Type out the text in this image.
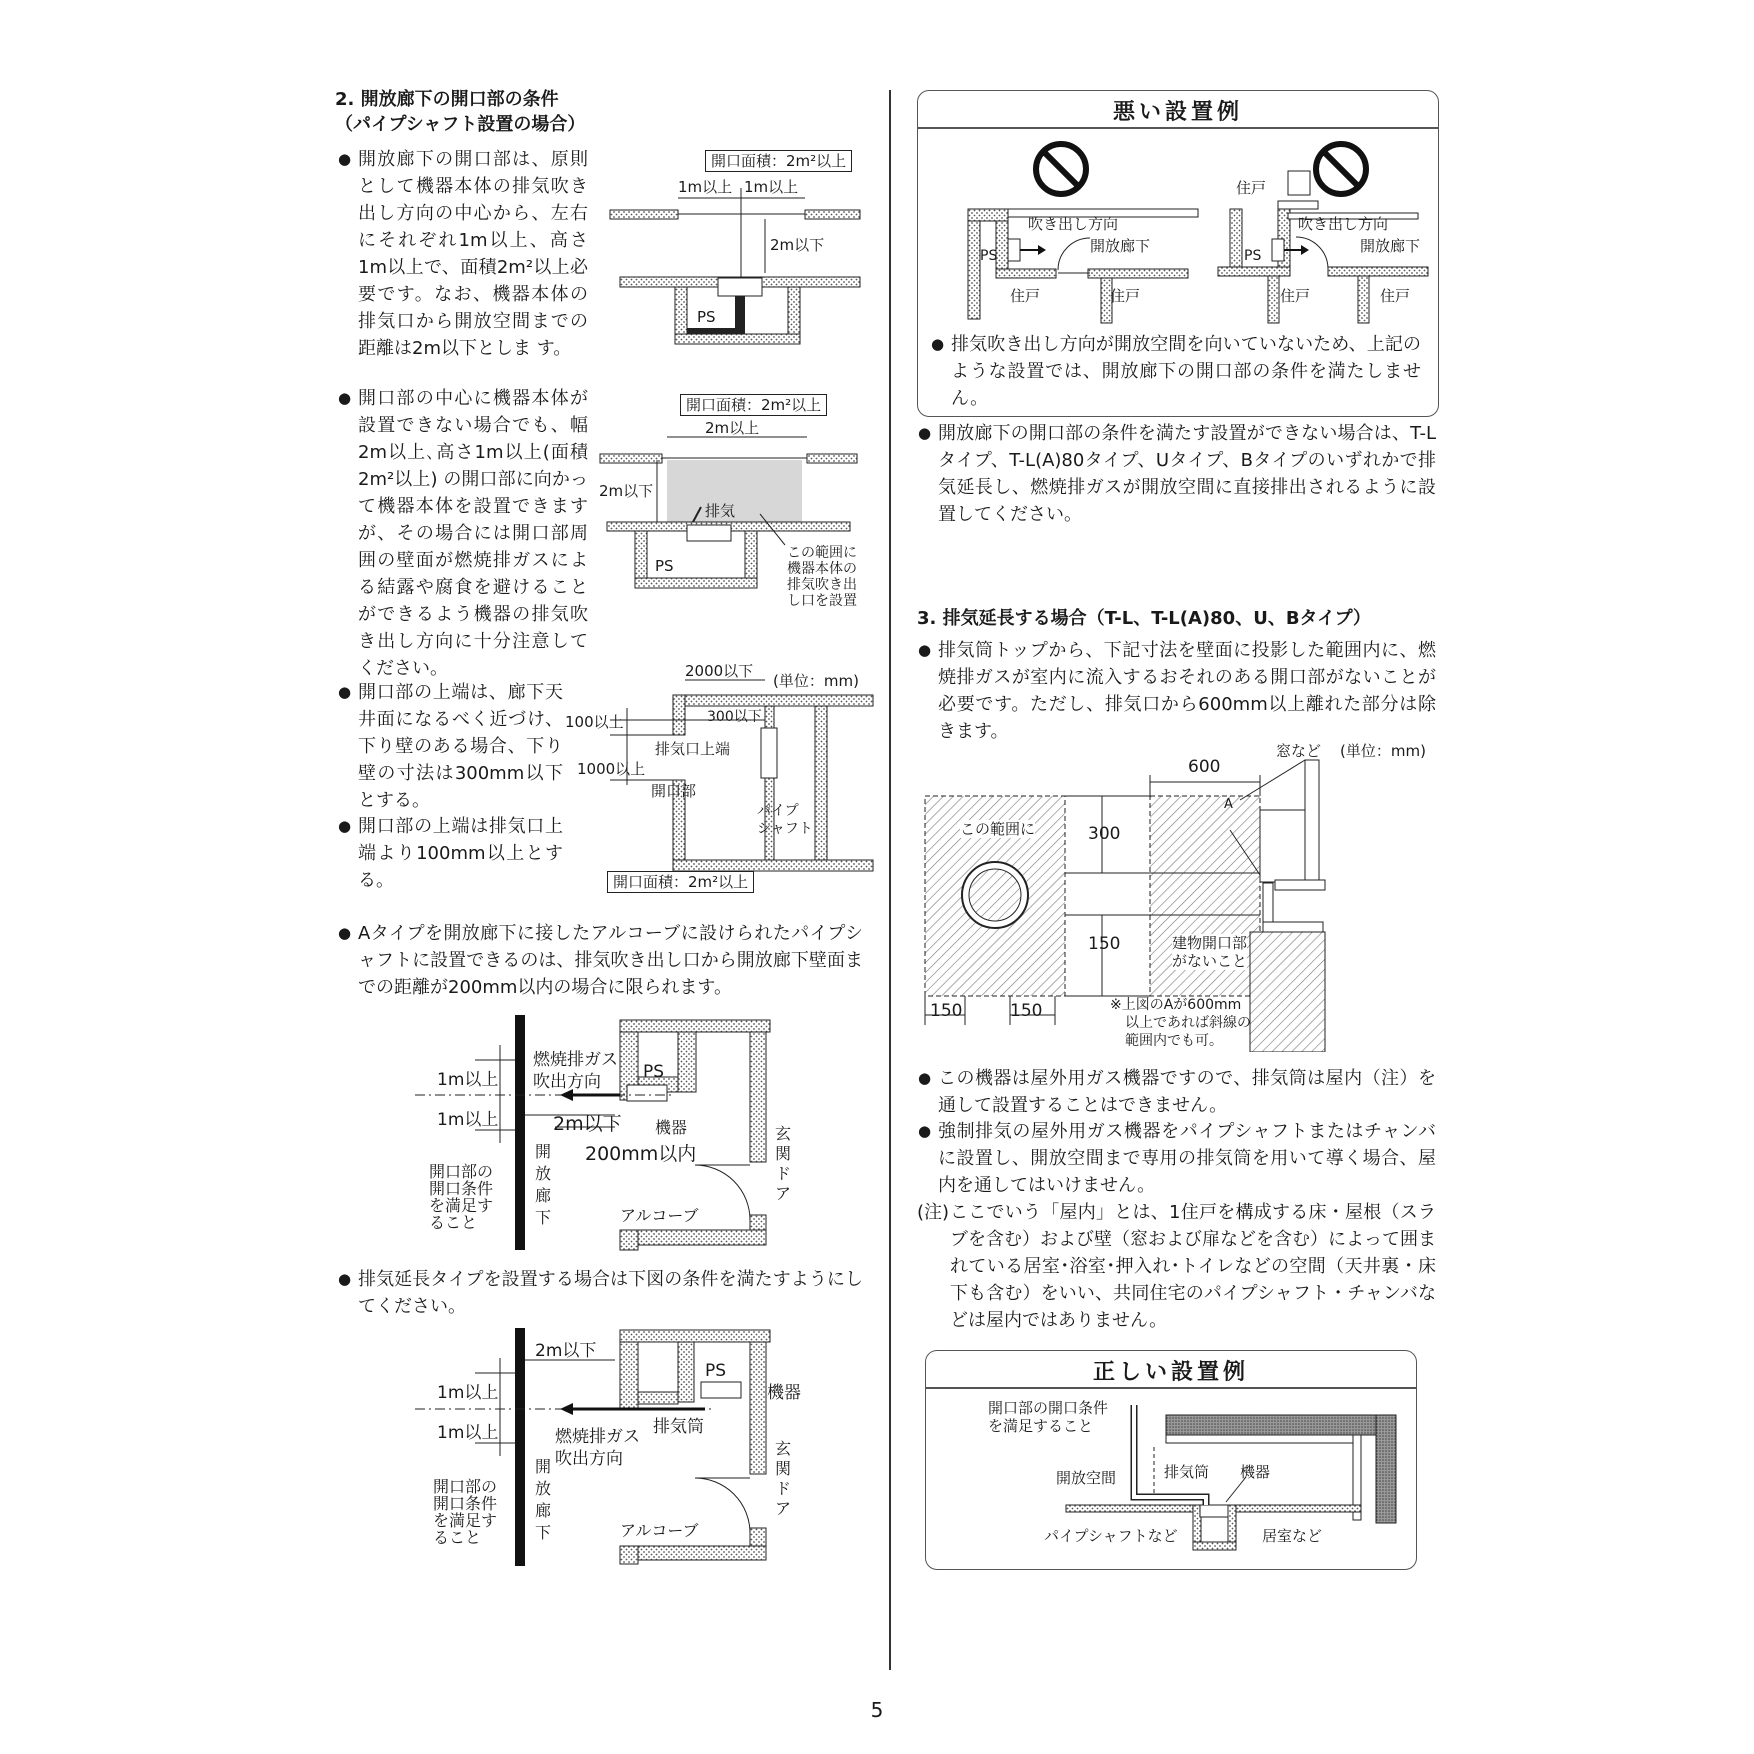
2. 開放廊下の開口部の条件
（パイプシャフト設置の場合）
● 開放廊下の開口部は、原則として機器本体の排気吹き出し方向の中心から、左右にそれぞれ1m以上、高さ1m以上で、面積2m²以上必要です。なお、機器本体の排気口から開放空間までの距離は2m以下としま す。
● 開口部の中心に機器本体が設置できない場合でも、幅2m以上､高さ1m以上(面積2m²以上) の開口部に向かって機器本体を設置できますが、その場合には開口部周囲の壁面が燃焼排ガスによる結露や腐食を避けることができるよう機器の排気吹き出し方向に十分注意してください。
● 開口部の上端は、廊下天井面になるべく近づけ、下り壁のある場合、下り壁の寸法は300mm以下とする。
● 開口部の上端は排気口上端より100mm以上とする。
● Aタイプを開放廊下に接したアルコーブに設けられたパイプシャフトに設置できるのは、排気吹き出し口から開放廊下壁面までの距離が200mm以内の場合に限られます。
● 排気延長タイプを設置する場合は下図の条件を満たすようにしてください。
開口面積：2m²以上
1m以上 1m以上
2m以下
PS
開口面積：2m²以上
2m以上
2m以下
排気
PS
この範囲に
機器本体の
排気吹き出
し口を設置
2000以下
(単位：mm)
100以上	300以下
排気口上端
1000以上
開口部
パイプ
シャフト
開口面積：2m²以上
1m以上
1m以上
燃焼排ガス
吹出方向 PS
機器
2m以下
200mm以内
開口部の
開口条件
を満足す
ること
開
放
廊
下
玄
関
ド
ア
アルコーブ
2m以下
1m以上
1m以上
PS
機器
排気筒
燃焼排ガス
吹出方向
開口部の
開口条件
を満足す
ること
開
放
廊
下
玄
関
ド
ア
アルコーブ
悪い設置例
吹き出し方向
開放廊下
PS
住戸	住戸
住戸
吹き出し方向
開放廊下
PS
住戸	住戸
● 排気吹き出し方向が開放空間を向いていないため、上記のような設置では、開放廊下の開口部の条件を満たしません。
● 開放廊下の開口部の条件を満たす設置ができない場合は、T-Lタイプ、T-L(A)80タイプ、Uタイプ、Bタイプのいずれかで排気延長し、燃焼排ガスが開放空間に直接排出されるように設置してください。
3. 排気延長する場合（T-L、T-L(A)80、U、Bタイプ）
● 排気筒トップから、下記寸法を壁面に投影した範囲内に、燃焼排ガスが室内に流入するおそれのある開口部がないことが必要です。ただし、排気口から600mm以上離れた部分は除きます。
窓など (単位：mm)
600
300
150
150	150
この範囲に
A
建物開口部
がないこと
※上図のAが600mm
以上であれば斜線の
範囲内でも可。
● この機器は屋外用ガス機器ですので、排気筒は屋内（注）を通して設置することはできません。
● 強制排気の屋外用ガス機器をパイプシャフトまたはチャンバに設置し、開放空間まで専用の排気筒を用いて導く場合、屋内を通してはいけません。
(注) ここでいう「屋内」とは、1住戸を構成する床・屋根（スラブを含む）および壁（窓および扉などを含む）によって囲まれている居室･浴室･押入れ･トイレなどの空間（天井裏・床下も含む）をいい、共同住宅のパイプシャフト・チャンバなどは屋内ではありません。
正しい設置例
開口部の開口条件
を満足すること
開放空間	排気筒 機器
パイプシャフトなど	居室など
5
